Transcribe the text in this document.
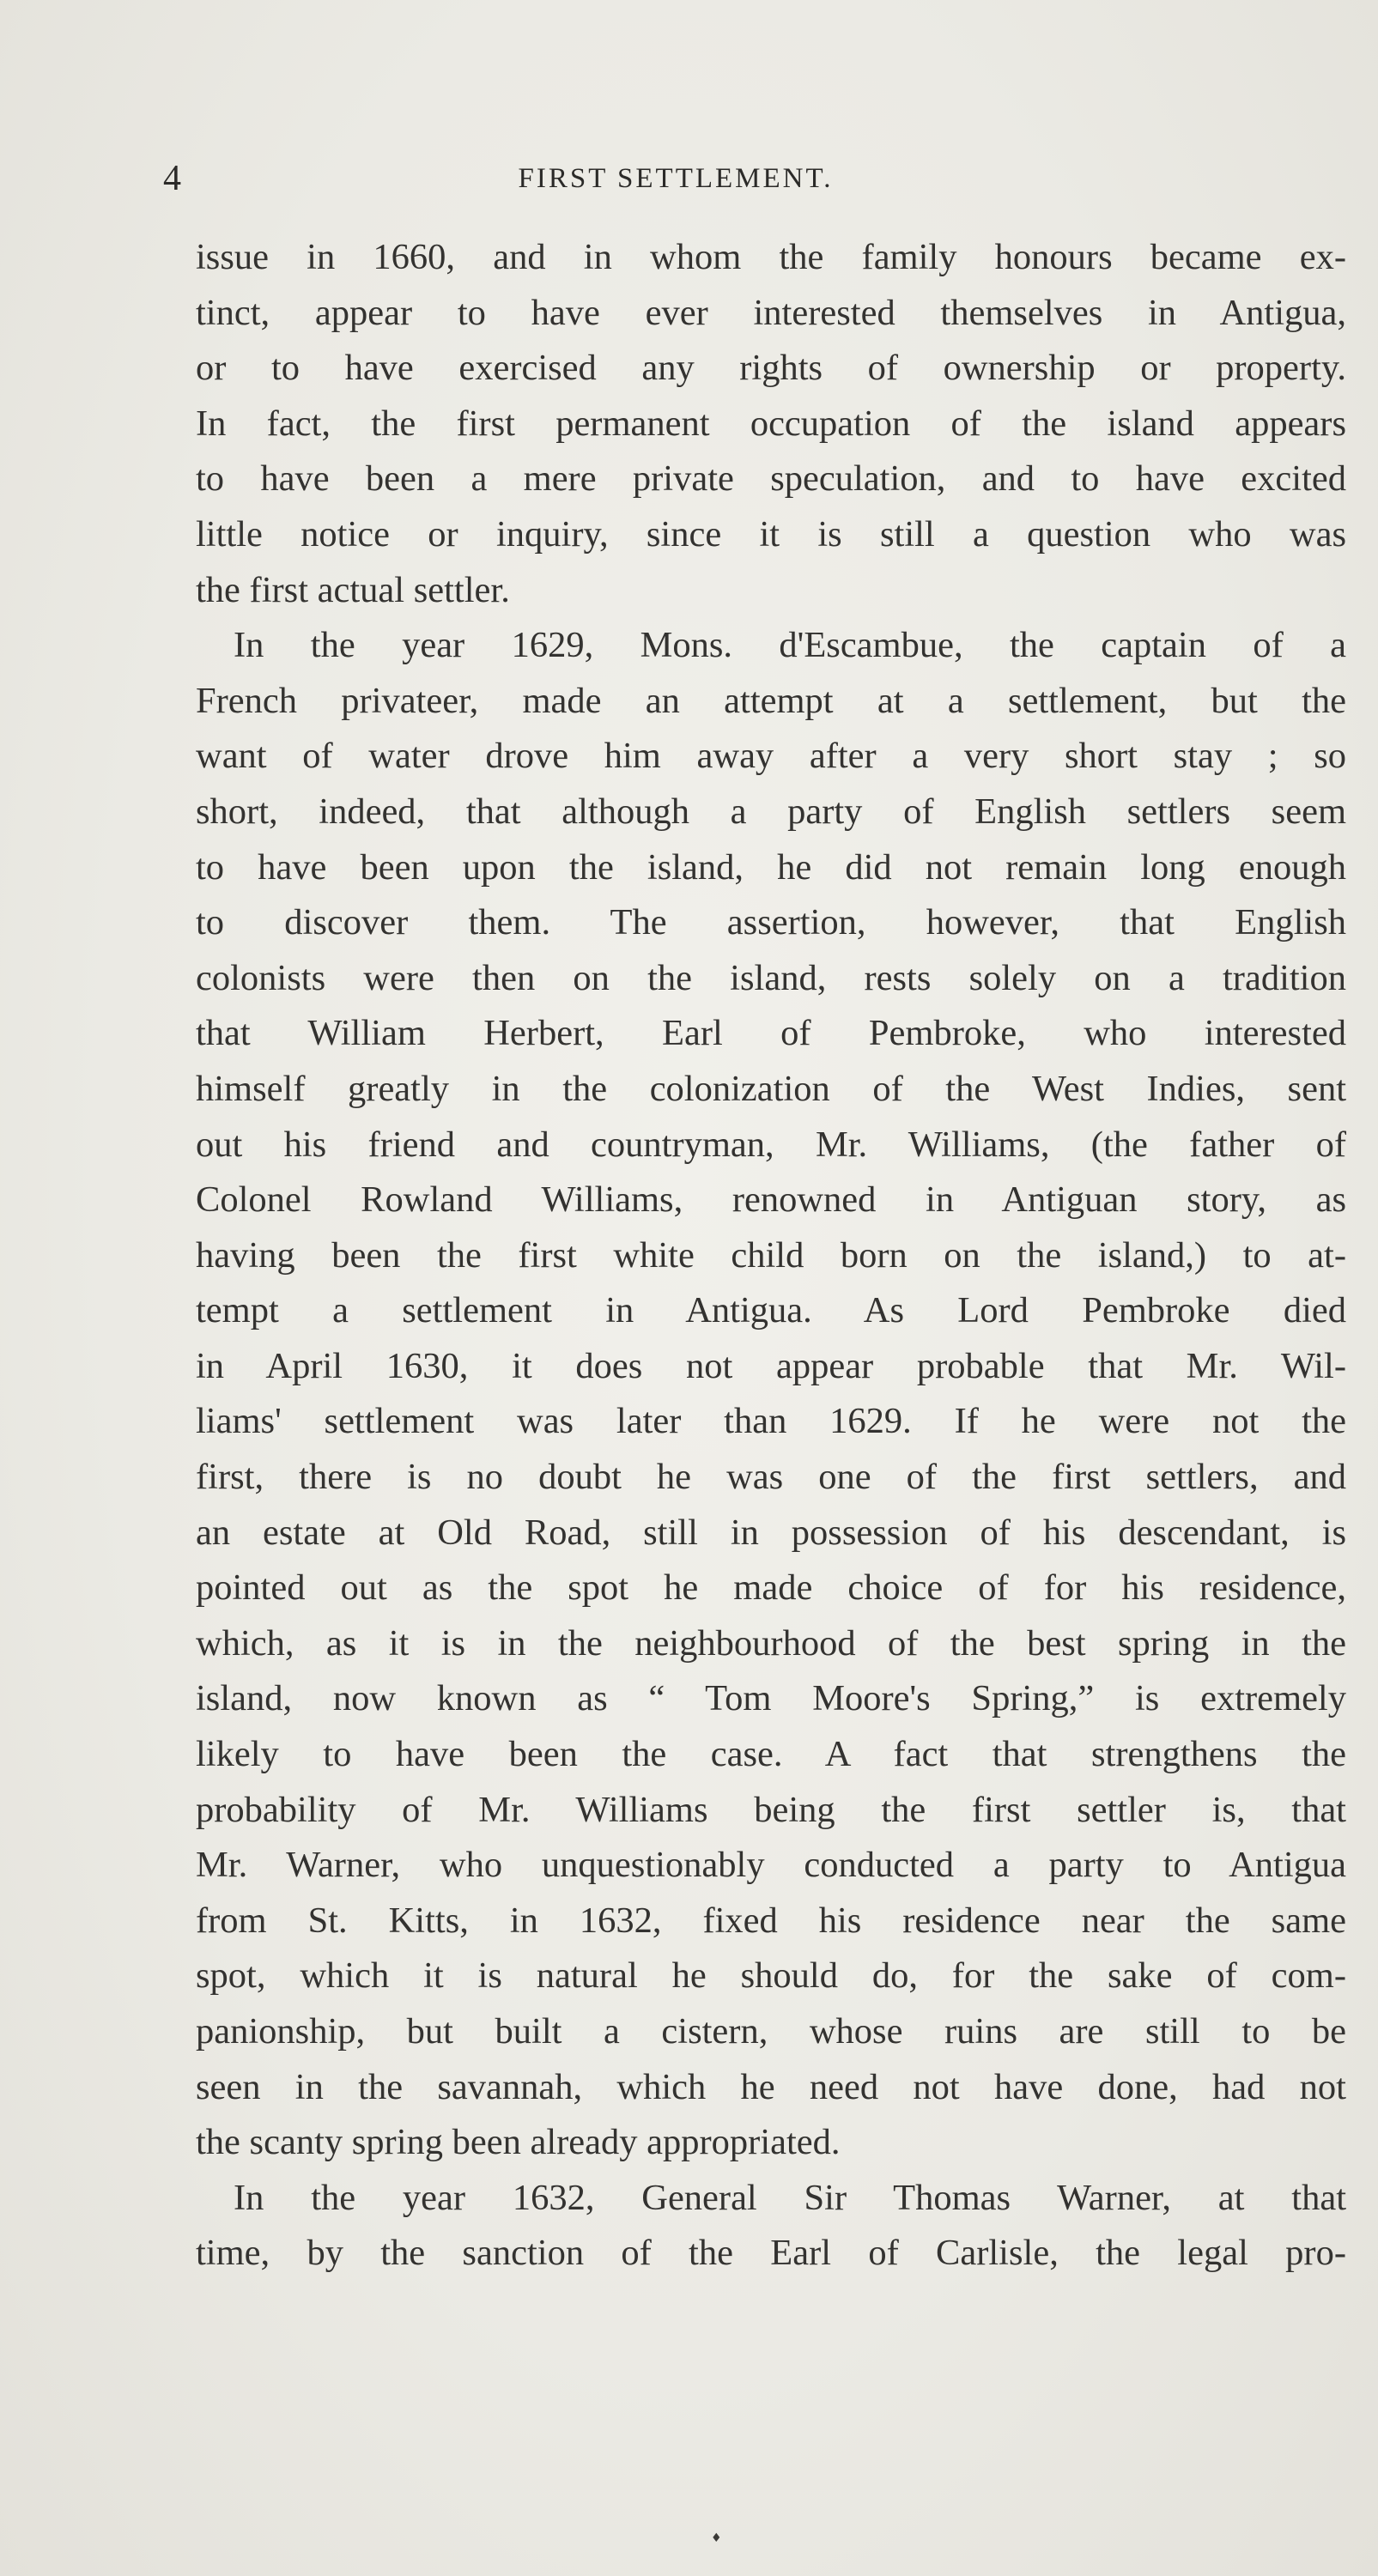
4	FIRST SETTLEMENT.
issue in 1660, and in whom the family honours became ex-
tinct, appear to have ever interested themselves in Antigua,
or to have exercised any rights of ownership or property.
In fact, the first permanent occupation of the island appears
to have been a mere private speculation, and to have excited
little notice or inquiry, since it is still a question who was
the first actual settler.
In the year 1629, Mons. d'Escambue, the captain of a
French privateer, made an attempt at a settlement, but the
want of water drove him away after a very short stay ; so
short, indeed, that although a party of English settlers seem
to have been upon the island, he did not remain long enough
to discover them. The assertion, however, that English
colonists were then on the island, rests solely on a tradition
that William Herbert, Earl of Pembroke, who interested
himself greatly in the colonization of the West Indies, sent
out his friend and countryman, Mr. Williams, (the father of
Colonel Rowland Williams, renowned in Antiguan story, as
having been the first white child born on the island,) to at-
tempt a settlement in Antigua. As Lord Pembroke died
in April 1630, it does not appear probable that Mr. Wil-
liams' settlement was later than 1629. If he were not the
first, there is no doubt he was one of the first settlers, and
an estate at Old Road, still in possession of his descendant, is
pointed out as the spot he made choice of for his residence,
which, as it is in the neighbourhood of the best spring in the
island, now known as “ Tom Moore's Spring,” is extremely
likely to have been the case. A fact that strengthens the
probability of Mr. Williams being the first settler is, that
Mr. Warner, who unquestionably conducted a party to Antigua
from St. Kitts, in 1632, fixed his residence near the same
spot, which it is natural he should do, for the sake of com-
panionship, but built a cistern, whose ruins are still to be
seen in the savannah, which he need not have done, had not
the scanty spring been already appropriated.
In the year 1632, General Sir Thomas Warner, at that
time, by the sanction of the Earl of Carlisle, the legal pro-
♦
